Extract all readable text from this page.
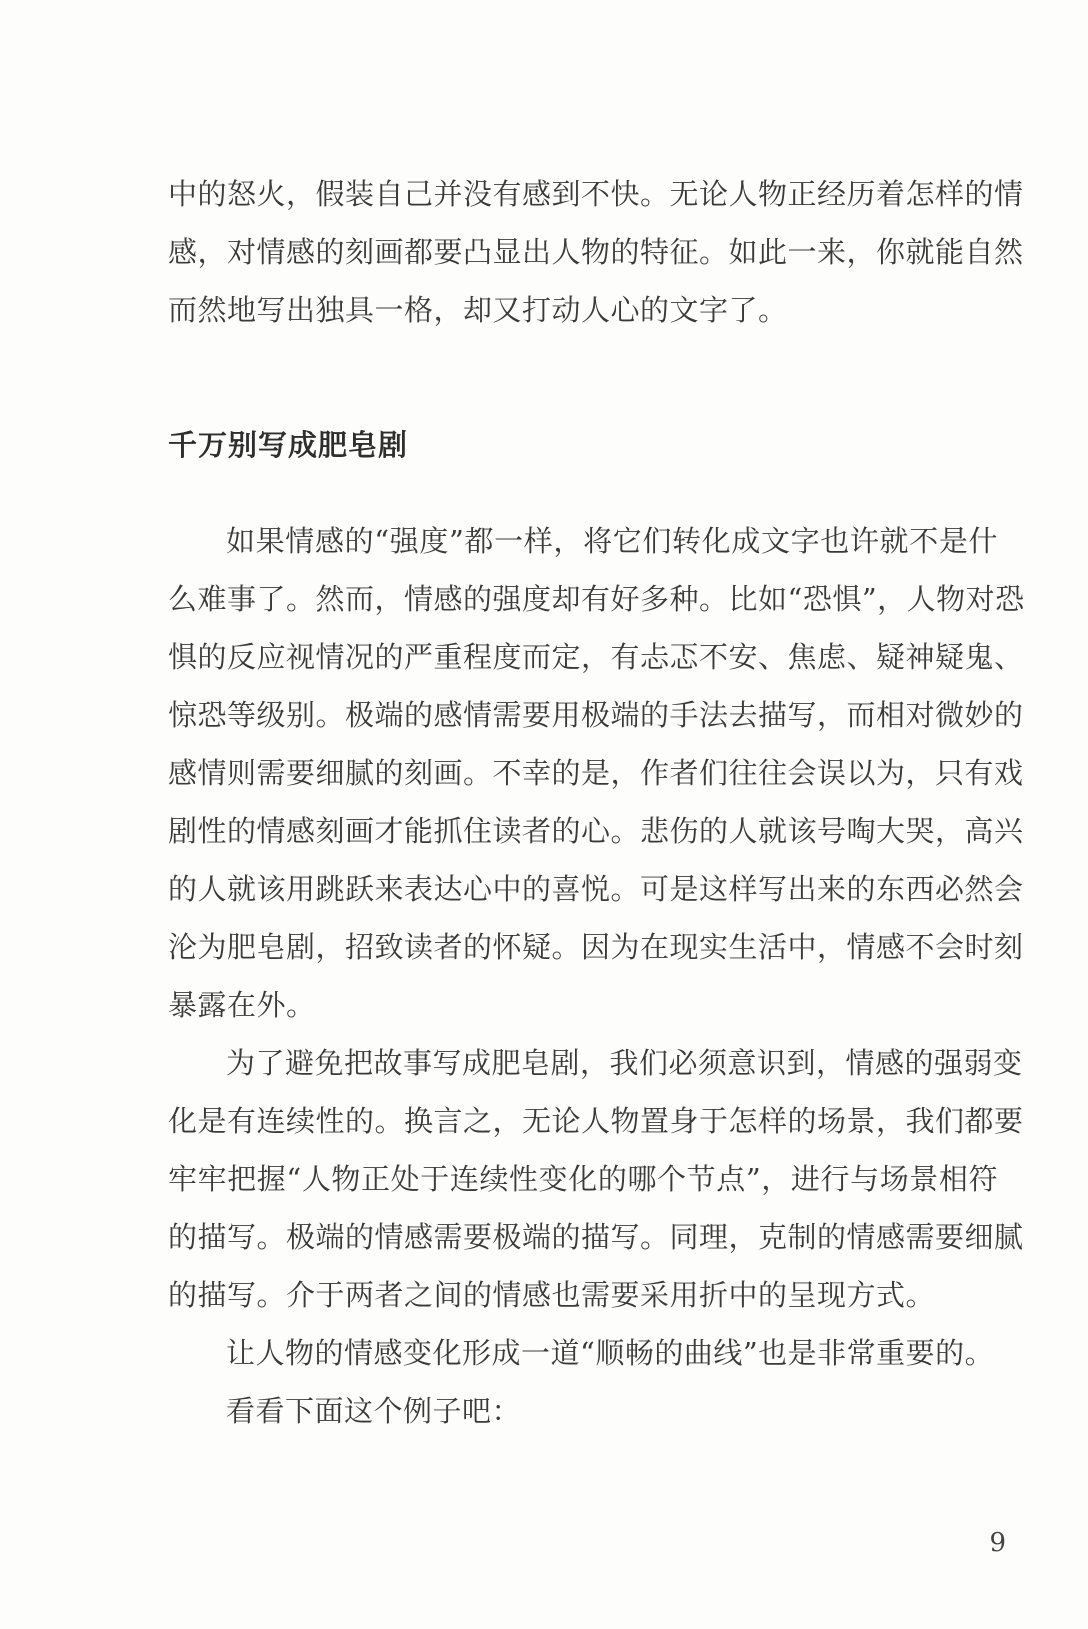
中的怒火，假装自己并没有感到不快。无论人物正经历着怎样的情
感，对情感的刻画都要凸显出人物的特征。如此一来，你就能自然
而然地写出独具一格，却又打动人心的文字了。
千万别写成肥皂剧
如果情感的“强度”都一样，将它们转化成文字也许就不是什
么难事了。然而，情感的强度却有好多种。比如“恐惧”，人物对恐
惧的反应视情况的严重程度而定，有忐忑不安、焦虑、疑神疑鬼、
惊恐等级别。极端的感情需要用极端的手法去描写，而相对微妙的
感情则需要细腻的刻画。不幸的是，作者们往往会误以为，只有戏
剧性的情感刻画才能抓住读者的心。悲伤的人就该号啕大哭，高兴
的人就该用跳跃来表达心中的喜悦。可是这样写出来的东西必然会
沦为肥皂剧，招致读者的怀疑。因为在现实生活中，情感不会时刻
暴露在外。
为了避免把故事写成肥皂剧，我们必须意识到，情感的强弱变
化是有连续性的。换言之，无论人物置身于怎样的场景，我们都要
牢牢把握“人物正处于连续性变化的哪个节点”，进行与场景相符
的描写。极端的情感需要极端的描写。同理，克制的情感需要细腻
的描写。介于两者之间的情感也需要采用折中的呈现方式。
让人物的情感变化形成一道“顺畅的曲线”也是非常重要的。
看看下面这个例子吧：
9
